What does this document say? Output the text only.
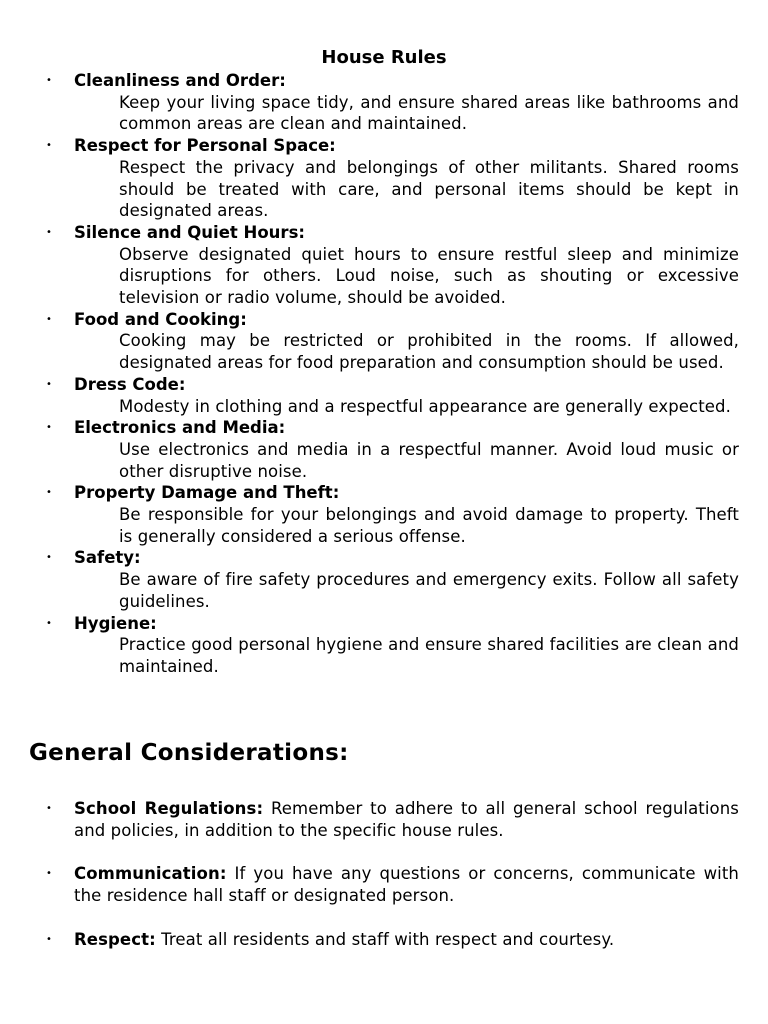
House Rules
• Cleanliness and Order:
Keep your living space tidy, and ensure shared areas like bathrooms and common areas are clean and maintained.
• Respect for Personal Space:
Respect the privacy and belongings of other militants. Shared rooms should be treated with care, and personal items should be kept in designated areas.
• Silence and Quiet Hours:
Observe designated quiet hours to ensure restful sleep and minimize disruptions for others. Loud noise, such as shouting or excessive television or radio volume, should be avoided.
• Food and Cooking:
Cooking may be restricted or prohibited in the rooms. If allowed, designated areas for food preparation and consumption should be used.
• Dress Code:
Modesty in clothing and a respectful appearance are generally expected.
• Electronics and Media:
Use electronics and media in a respectful manner. Avoid loud music or other disruptive noise.
• Property Damage and Theft:
Be responsible for your belongings and avoid damage to property. Theft is generally considered a serious offense.
• Safety:
Be aware of fire safety procedures and emergency exits. Follow all safety guidelines.
• Hygiene:
Practice good personal hygiene and ensure shared facilities are clean and maintained.
General Considerations:
• School Regulations: Remember to adhere to all general school regulations and policies, in addition to the specific house rules.
• Communication: If you have any questions or concerns, communicate with the residence hall staff or designated person.
• Respect: Treat all residents and staff with respect and courtesy.
